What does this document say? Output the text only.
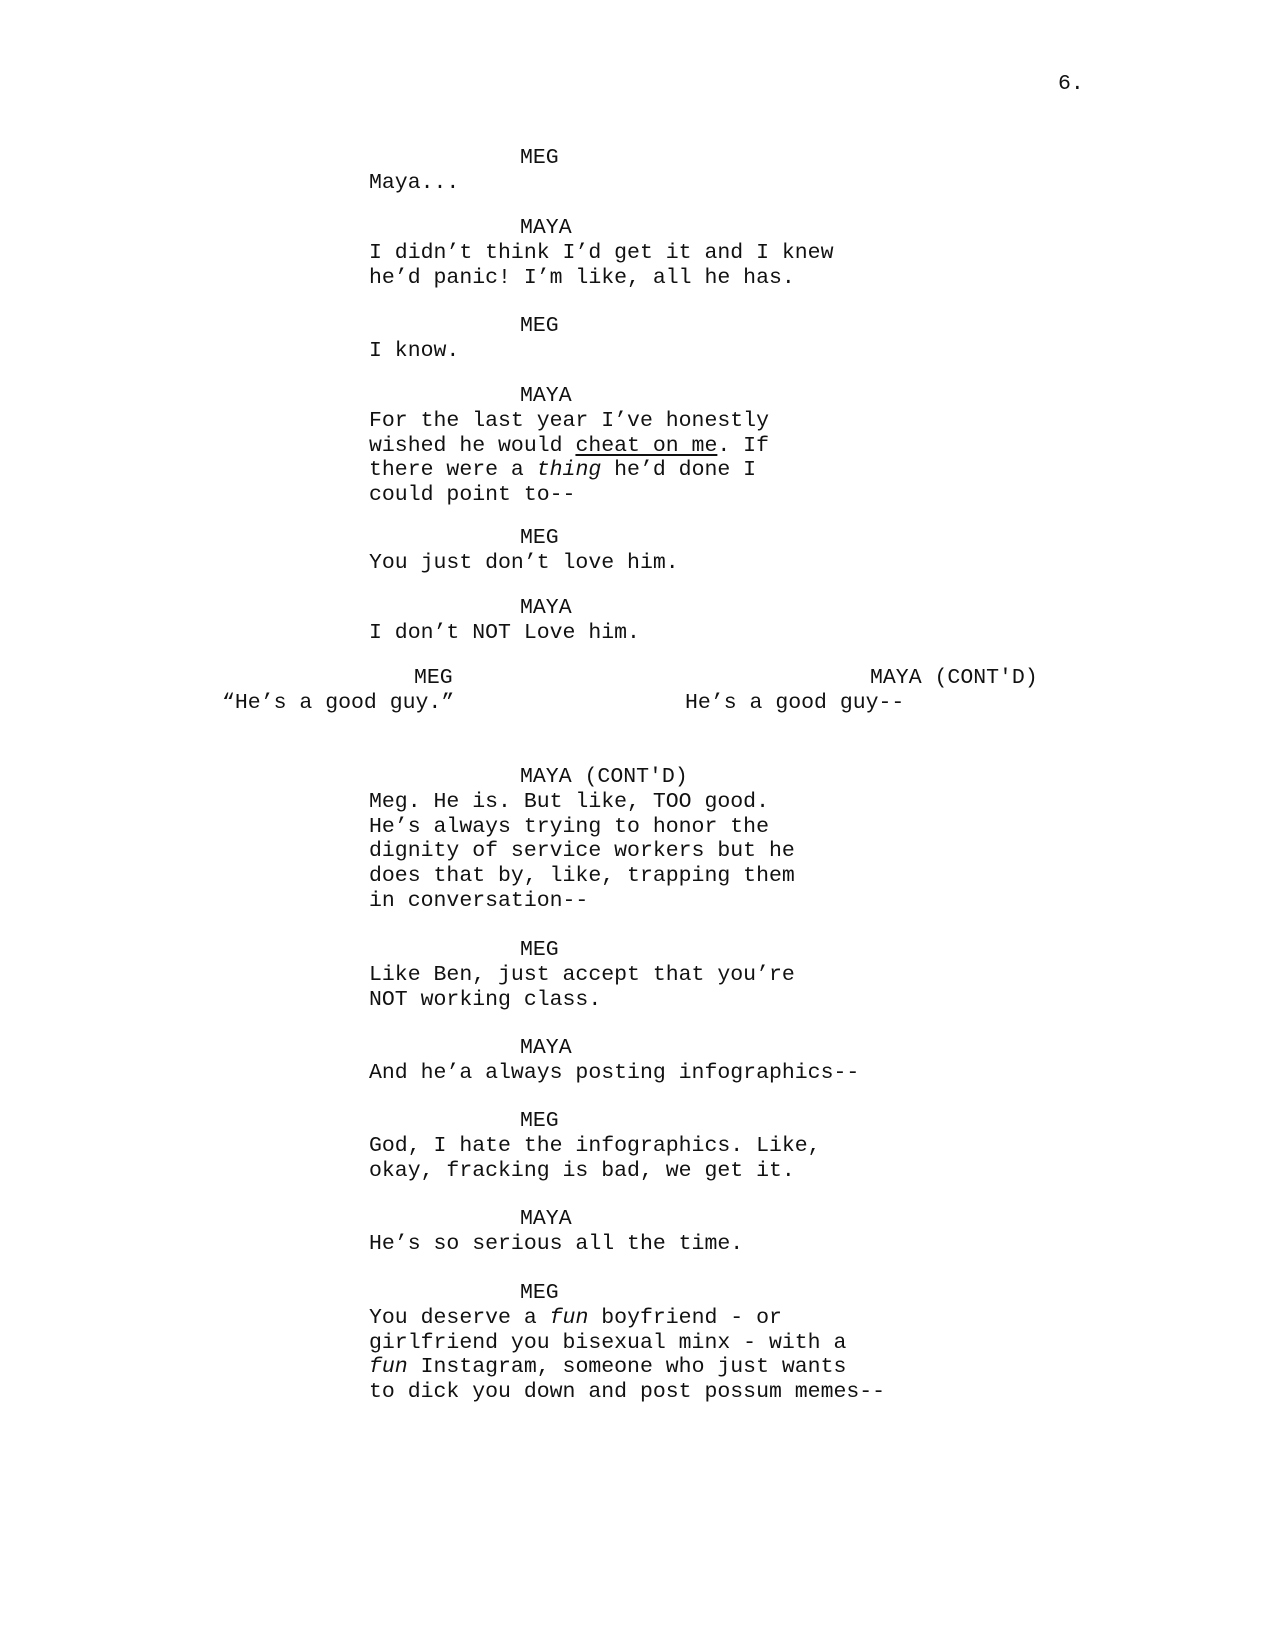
6.
MEG
Maya...
MAYA
I didn’t think I’d get it and I knew
he’d panic! I’m like, all he has.
MEG
I know.
MAYA
For the last year I’ve honestly
wished he would cheat on me. If
there were a thing he’d done I
could point to--
MEG
You just don’t love him.
MAYA
I don’t NOT Love him.
MEG
“He’s a good guy.”
MAYA (CONT'D)
He’s a good guy--
MAYA (CONT'D)
Meg. He is. But like, TOO good.
He’s always trying to honor the
dignity of service workers but he
does that by, like, trapping them
in conversation--
MEG
Like Ben, just accept that you’re
NOT working class.
MAYA
And he’a always posting infographics--
MEG
God, I hate the infographics. Like,
okay, fracking is bad, we get it.
MAYA
He’s so serious all the time.
MEG
You deserve a fun boyfriend - or
girlfriend you bisexual minx - with a
fun Instagram, someone who just wants
to dick you down and post possum memes--
